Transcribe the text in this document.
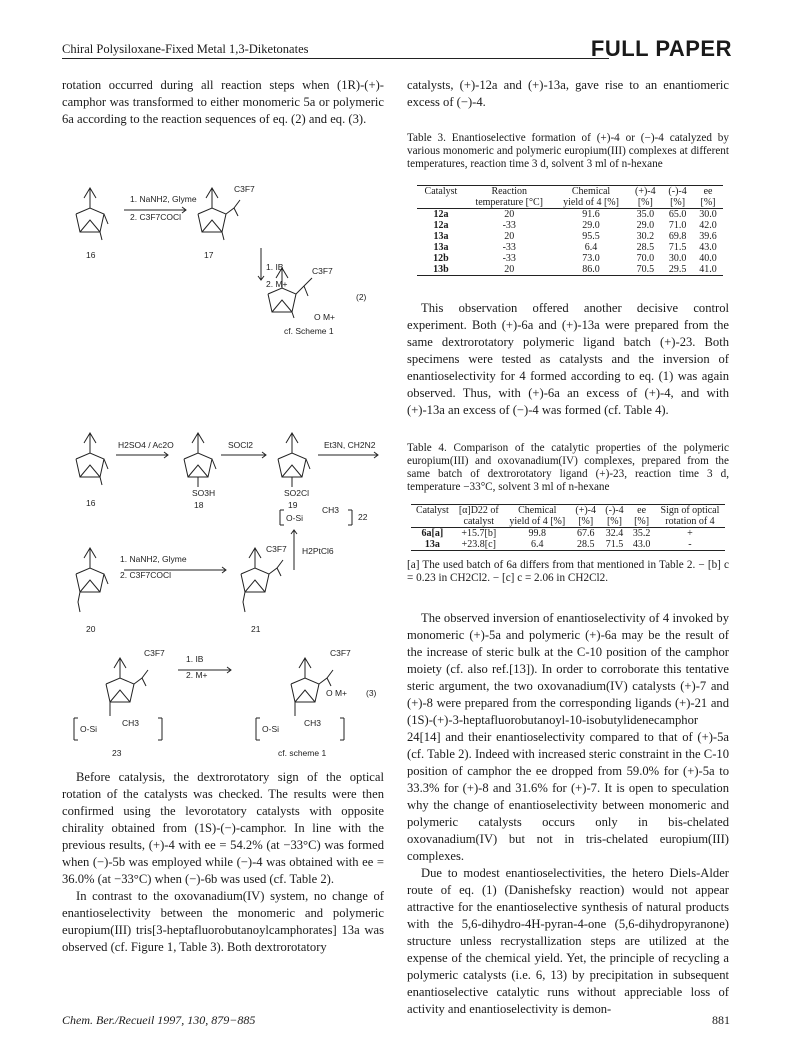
Chiral Polysiloxane-Fixed Metal 1,3-Diketonates	FULL PAPER

rotation occurred during all reaction steps when (1R)-(+)-camphor was transformed to either monomeric 5a or polymeric 6a according to the reaction sequences of eq. (2) and eq. (3).

16	17
1. NaNH2, Glyme
2. C3F7COCl
C3F7
1. IB
2. M+
C3F7
O M+
(2)
cf. Scheme 1
H2SO4 / Ac2O	SOCl2	Et3N, CH2N2
SO3H	SO2Cl
16	18	19
O-Si
CH3
22
1. NaNH2, Glyme
2. C3F7COCl
C3F7 H2PtCl6
20	21
C3F7
1. IB
2. M+
C3F7
O M+ (3)
O-Si
CH3
O-Si
CH3
23	cf. scheme 1

Before catalysis, the dextrorotatory sign of the optical rotation of the catalysts was checked. The results were then confirmed using the levorotatory catalysts with opposite chirality obtained from (1S)-(−)-camphor. In line with the previous results, (+)-4 with ee = 54.2% (at −33°C) was formed when (−)-5b was employed while (−)-4 was obtained with ee = 36.0% (at −33°C) when (−)-6b was used (cf. Table 2).

In contrast to the oxovanadium(IV) system, no change of enantioselectivity between the monomeric and polymeric europium(III) tris[3-heptafluorobutanoylcamphorates] 13a was observed (cf. Figure 1, Table 3). Both dextrorotatory

catalysts, (+)-12a and (+)-13a, gave rise to an enantiomeric excess of (−)-4.

Table 3. Enantioselective formation of (+)-4 or (−)-4 catalyzed by various monomeric and polymeric europium(III) complexes at different temperatures, reaction time 3 d, solvent 3 ml of n-hexane
Catalyst	Reaction	Chemical	(+)-4	(-)-4	ee
	temperature [°C]	yield of 4 [%]	[%]	[%]	[%]
12a	20	91.6	35.0	65.0	30.0
12a	-33	29.0	29.0	71.0	42.0
13a	20	95.5	30.2	69.8	39.6
13a	-33	6.4	28.5	71.5	43.0
12b	-33	73.0	70.0	30.0	40.0
13b	20	86.0	70.5	29.5	41.0

This observation offered another decisive control experiment. Both (+)-6a and (+)-13a were prepared from the same dextrorotatory polymeric ligand batch (+)-23. Both specimens were tested as catalysts and the inversion of enantioselectivity for 4 formed according to eq. (1) was again observed. Thus, with (+)-6a an excess of (+)-4, and with (+)-13a an excess of (−)-4 was formed (cf. Table 4).

Table 4. Comparison of the catalytic properties of the polymeric europium(III) and oxovanadium(IV) complexes, prepared from the same batch of dextrorotatory ligand (+)-23, reaction time 3 d, temperature −33°C, solvent 3 ml of n-hexane
Catalyst	[α]D22 of	Chemical	(+)-4	(-)-4	ee	Sign of optical
	catalyst	yield of 4 [%]	[%]	[%]	[%]	rotation of 4
6a[a]	+15.7[b]	99.8	67.6	32.4	35.2	+
13a	+23.8[c]	6.4	28.5	71.5	43.0	-
[a] The used batch of 6a differs from that mentioned in Table 2. − [b] c = 0.23 in CH2Cl2. − [c] c = 2.06 in CH2Cl2.

The observed inversion of enantioselectivity of 4 invoked by monomeric (+)-5a and polymeric (+)-6a may be the result of the increase of steric bulk at the C-10 position of the camphor moiety (cf. also ref.[13]). In order to corroborate this tentative steric argument, the two oxovanadium(IV) catalysts (+)-7 and (+)-8 were prepared from the corresponding ligands (+)-21 and (1S)-(+)-3-heptafluorobutanoyl-10-isobutylidenecamphor 24[14] and their enantioselectivity compared to that of (+)-5a (cf. Table 2). Indeed with increased steric constraint in the C-10 position of camphor the ee dropped from 59.0% for (+)-5a to 33.3% for (+)-8 and 31.6% for (+)-7. It is open to speculation why the change of enantioselectivity between monomeric and polymeric catalysts occurs only in bis-chelated oxovanadium(IV) but not in tris-chelated europium(III) complexes.

Due to modest enantioselectivities, the hetero Diels-Alder route of eq. (1) (Danishefsky reaction) would not appear attractive for the enantioselective synthesis of natural products with the 5,6-dihydro-4H-pyran-4-one (5,6-dihydropyranone) structure unless recrystallization steps are utilized at the expense of the chemical yield. Yet, the principle of recycling a polymeric catalysts (i.e. 6, 13) by precipitation in subsequent enantioselective catalytic runs without appreciable loss of activity and enantioselectivity is demon-

Chem. Ber./Recueil 1997, 130, 879−885	881
